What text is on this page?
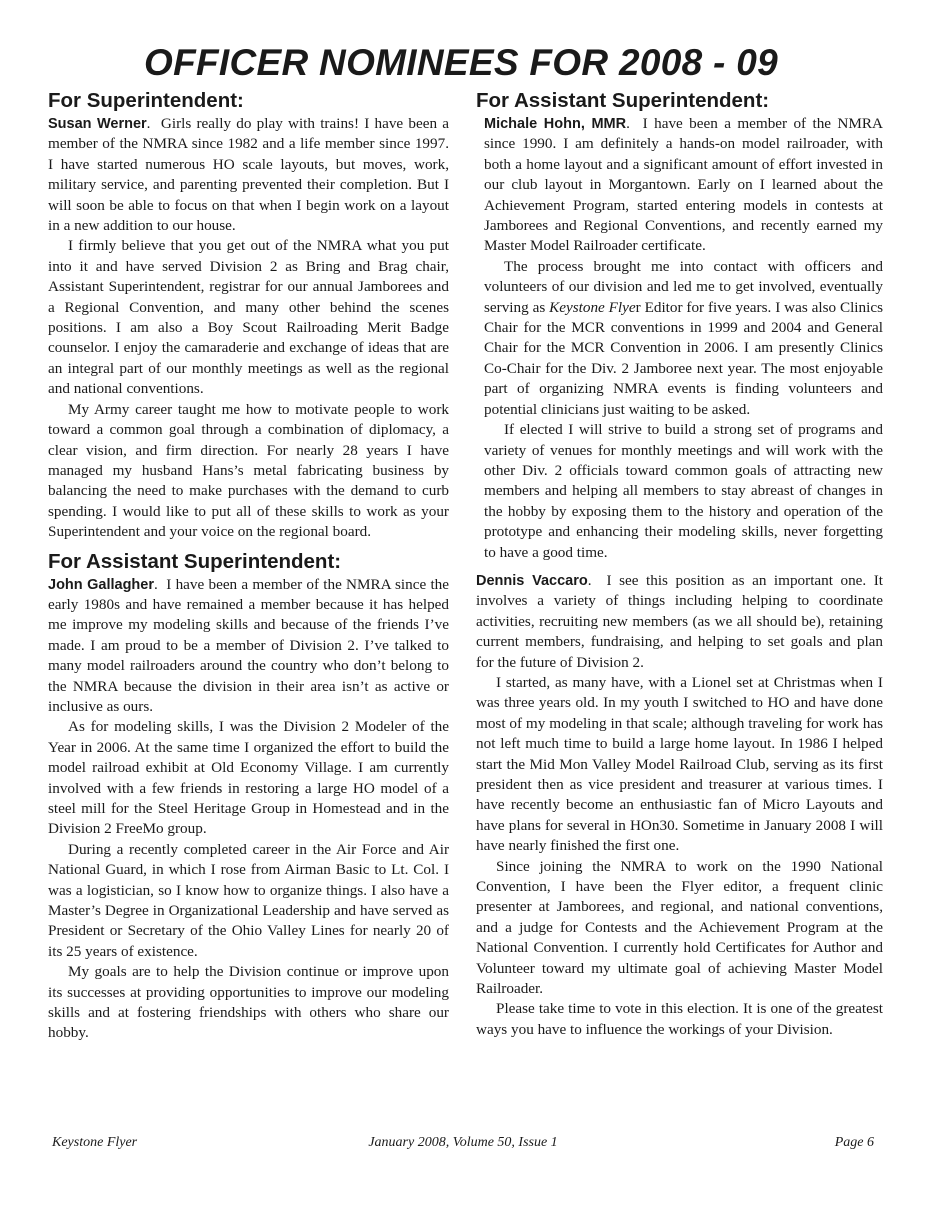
OFFICER NOMINEES FOR 2008 - 09
For Superintendent:

Susan Werner.  Girls really do play with trains! I have been a member of the NMRA since 1982 and a life member since 1997. I have started numerous HO scale layouts, but moves, work, military service, and parenting prevented their completion. But I will soon be able to focus on that when I begin work on a layout in a new addition to our house.

I firmly believe that you get out of the NMRA what you put into it and have served Division 2 as Bring and Brag chair, Assistant Superintendent, registrar for our annual Jamborees and a Regional Convention, and many other behind the scenes positions. I am also a Boy Scout Railroading Merit Badge counselor. I enjoy the camaraderie and exchange of ideas that are an integral part of our monthly meetings as well as the regional and national conventions.

My Army career taught me how to motivate people to work toward a common goal through a combination of diplomacy, a clear vision, and firm direction. For nearly 28 years I have managed my husband Hans’s metal fabricating business by balancing the need to make purchases with the demand to curb spending. I would like to put all of these skills to work as your Superintendent and your voice on the regional board.

For Assistant Superintendent:

John Gallagher.  I have been a member of the NMRA since the early 1980s and have remained a member because it has helped me improve my modeling skills and because of the friends I’ve made. I am proud to be a member of Division 2. I’ve talked to many model railroaders around the country who don’t belong to the NMRA because the division in their area isn’t as active or inclusive as ours.

As for modeling skills, I was the Division 2 Modeler of the Year in 2006. At the same time I organized the effort to build the model railroad exhibit at Old Economy Village. I am currently involved with a few friends in restoring a large HO model of a steel mill for the Steel Heritage Group in Homestead and in the Division 2 FreeMo group.

During a recently completed career in the Air Force and Air National Guard, in which I rose from Airman Basic to Lt. Col. I was a logistician, so I know how to organize things. I also have a Master’s Degree in Organizational Leadership and have served as President or Secretary of the Ohio Valley Lines for nearly 20 of its 25 years of existence.

My goals are to help the Division continue or improve upon its successes at providing opportunities to improve our modeling skills and at fostering friendships with others who share our hobby.

For Assistant Superintendent:

Michale Hohn, MMR.  I have been a member of the NMRA since 1990. I am definitely a hands-on model railroader, with both a home layout and a significant amount of effort invested in our club layout in Morgantown. Early on I learned about the Achievement Program, started entering models in contests at Jamborees and Regional Conventions, and recently earned my Master Model Railroader certificate.

The process brought me into contact with officers and volunteers of our division and led me to get involved, eventually serving as Keystone Flyer Editor for five years. I was also Clinics Chair for the MCR conventions in 1999 and 2004 and General Chair for the MCR Convention in 2006. I am presently Clinics Co-Chair for the Div. 2 Jamboree next year. The most enjoyable part of organizing NMRA events is finding volunteers and potential clinicians just waiting to be asked.

If elected I will strive to build a strong set of programs and variety of venues for monthly meetings and will work with the other Div. 2 officials toward common goals of attracting new members and helping all members to stay abreast of changes in the hobby by exposing them to the history and operation of the prototype and enhancing their modeling skills, never forgetting to have a good time.

Dennis Vaccaro.  I see this position as an important one. It involves a variety of things including helping to coordinate activities, recruiting new members (as we all should be), retaining current members, fundraising, and helping to set goals and plan for the future of Division 2.

I started, as many have, with a Lionel set at Christmas when I was three years old. In my youth I switched to HO and have done most of my modeling in that scale; although traveling for work has not left much time to build a large home layout. In 1986 I helped start the Mid Mon Valley Model Railroad Club, serving as its first president then as vice president and treasurer at various times. I have recently become an enthusiastic fan of Micro Layouts and have plans for several in HOn30. Sometime in January 2008 I will have nearly finished the first one.

Since joining the NMRA to work on the 1990 National Convention, I have been the Flyer editor, a frequent clinic presenter at Jamborees, and regional, and national conventions, and a judge for Contests and the Achievement Program at the National Convention. I currently hold Certificates for Author and Volunteer toward my ultimate goal of achieving Master Model Railroader.

Please take time to vote in this election. It is one of the greatest ways you have to influence the workings of your Division.

Keystone Flyer	January 2008, Volume 50, Issue 1	Page 6
